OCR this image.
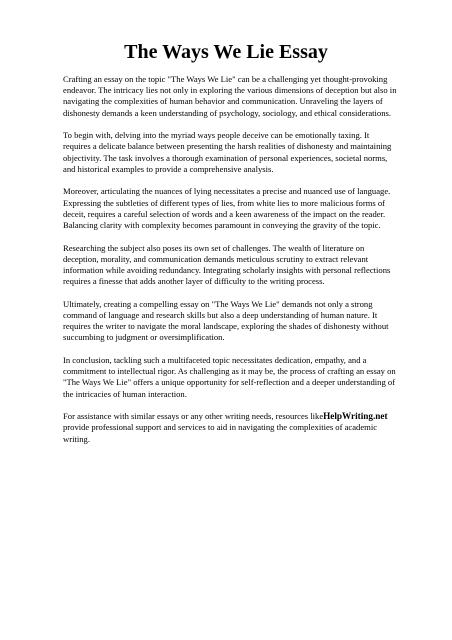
The Ways We Lie Essay

Crafting an essay on the topic "The Ways We Lie" can be a challenging yet thought-provoking
endeavor. The intricacy lies not only in exploring the various dimensions of deception but also in
navigating the complexities of human behavior and communication. Unraveling the layers of
dishonesty demands a keen understanding of psychology, sociology, and ethical considerations.

To begin with, delving into the myriad ways people deceive can be emotionally taxing. It
requires a delicate balance between presenting the harsh realities of dishonesty and maintaining
objectivity. The task involves a thorough examination of personal experiences, societal norms,
and historical examples to provide a comprehensive analysis.

Moreover, articulating the nuances of lying necessitates a precise and nuanced use of language.
Expressing the subtleties of different types of lies, from white lies to more malicious forms of
deceit, requires a careful selection of words and a keen awareness of the impact on the reader.
Balancing clarity with complexity becomes paramount in conveying the gravity of the topic.

Researching the subject also poses its own set of challenges. The wealth of literature on
deception, morality, and communication demands meticulous scrutiny to extract relevant
information while avoiding redundancy. Integrating scholarly insights with personal reflections
requires a finesse that adds another layer of difficulty to the writing process.

Ultimately, creating a compelling essay on "The Ways We Lie" demands not only a strong
command of language and research skills but also a deep understanding of human nature. It
requires the writer to navigate the moral landscape, exploring the shades of dishonesty without
succumbing to judgment or oversimplification.

In conclusion, tackling such a multifaceted topic necessitates dedication, empathy, and a
commitment to intellectual rigor. As challenging as it may be, the process of crafting an essay on
"The Ways We Lie" offers a unique opportunity for self-reflection and a deeper understanding of
the intricacies of human interaction.

For assistance with similar essays or any other writing needs, resources likeHelpWriting.net
provide professional support and services to aid in navigating the complexities of academic
writing.
